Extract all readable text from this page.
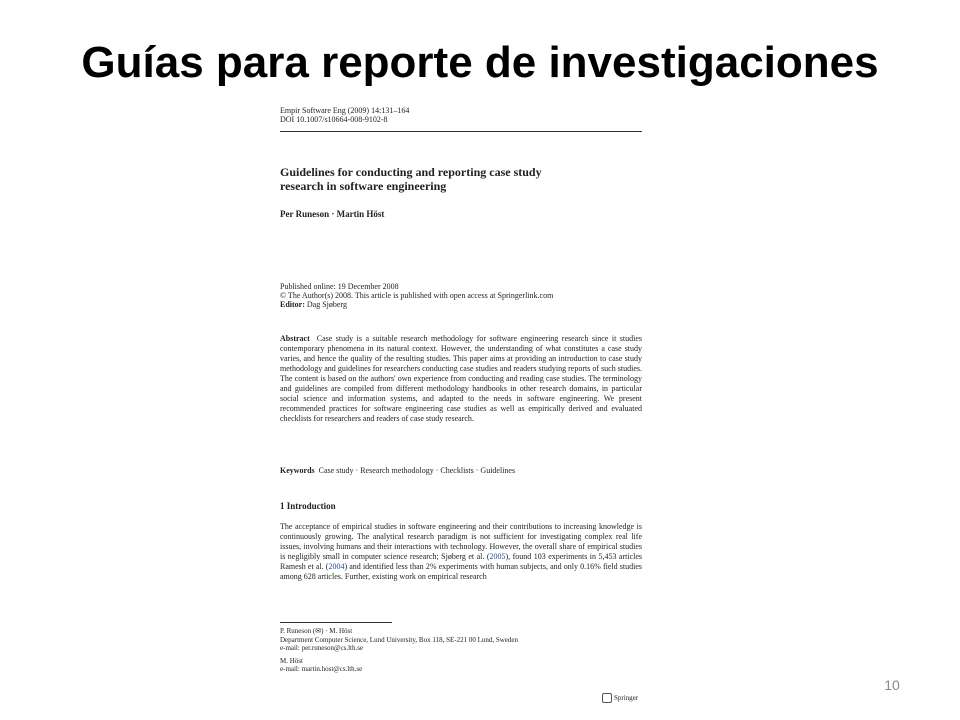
Guías para reporte de investigaciones
Empir Software Eng (2009) 14:131–164
DOI 10.1007/s10664-008-9102-8
Guidelines for conducting and reporting case study
research in software engineering
Per Runeson · Martin Höst
Published online: 19 December 2008
© The Author(s) 2008. This article is published with open access at Springerlink.com
Editor: Dag Sjøberg
Abstract Case study is a suitable research methodology for software engineering research since it studies contemporary phenomena in its natural context. However, the understanding of what constitutes a case study varies, and hence the quality of the resulting studies. This paper aims at providing an introduction to case study methodology and guidelines for researchers conducting case studies and readers studying reports of such studies. The content is based on the authors' own experience from conducting and reading case studies. The terminology and guidelines are compiled from different methodology handbooks in other research domains, in particular social science and information systems, and adapted to the needs in software engineering. We present recommended practices for software engineering case studies as well as empirically derived and evaluated checklists for researchers and readers of case study research.
Keywords Case study · Research methodology · Checklists · Guidelines
1 Introduction
The acceptance of empirical studies in software engineering and their contributions to increasing knowledge is continuously growing. The analytical research paradigm is not sufficient for investigating complex real life issues, involving humans and their interactions with technology. However, the overall share of empirical studies is negligibly small in computer science research; Sjøberg et al. (2005), found 103 experiments in 5,453 articles Ramesh et al. (2004) and identified less than 2% experiments with human subjects, and only 0.16% field studies among 628 articles. Further, existing work on empirical research
P. Runeson (✉) · M. Höst
Department Computer Science, Lund University, Box 118, SE-221 00 Lund, Sweden
e-mail: per.runeson@cs.lth.se
M. Höst
e-mail: martin.host@cs.lth.se
Springer
10
